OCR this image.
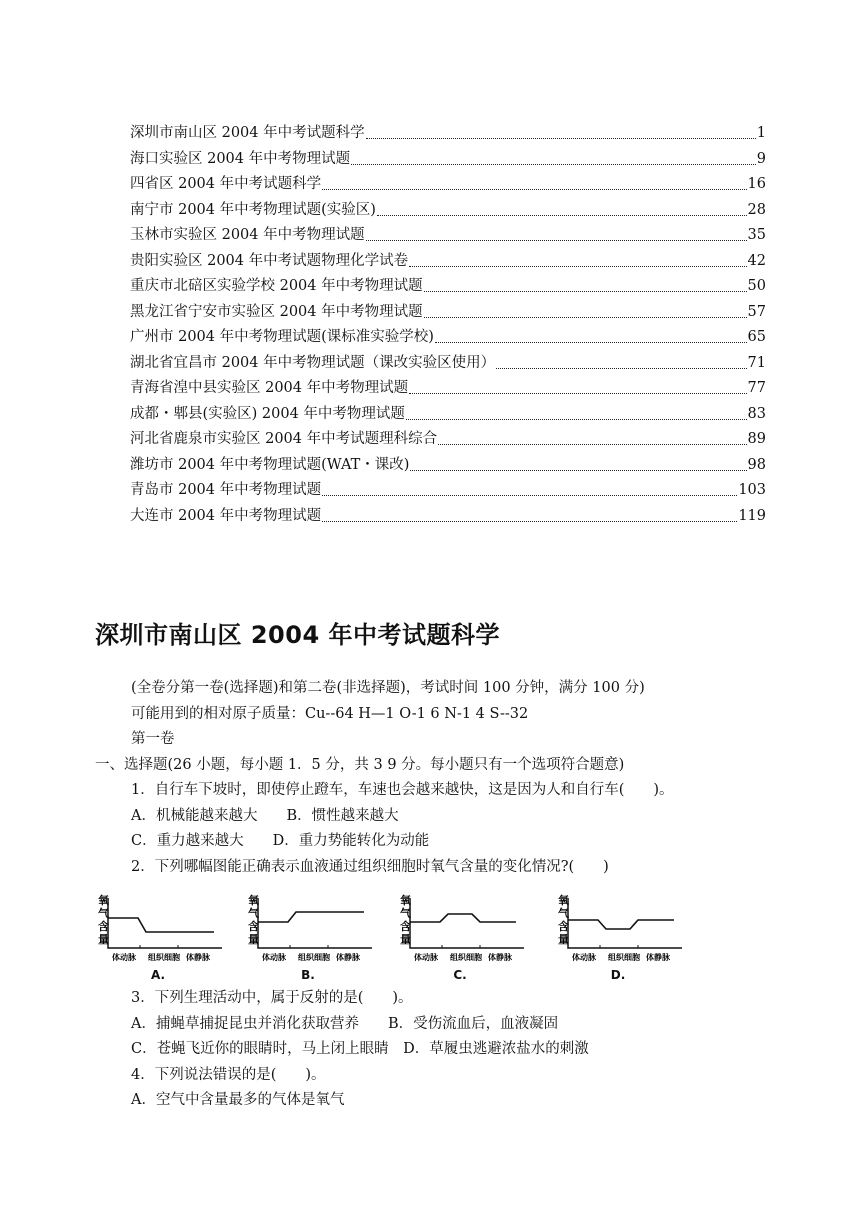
深圳市南山区 2004 年中考试题科学	1
海口实验区 2004 年中考物理试题	9
四省区 2004 年中考试题科学	16
南宁市 2004 年中考物理试题(实验区)	28
玉林市实验区 2004 年中考物理试题	35
贵阳实验区 2004 年中考试题物理化学试卷	42
重庆市北碚区实验学校 2004 年中考物理试题	50
黑龙江省宁安市实验区 2004 年中考物理试题	57
广州市 2004 年中考物理试题(课标准实验学校)	65
湖北省宜昌市 2004 年中考物理试题（课改实验区使用）	71
青海省湟中县实验区 2004 年中考物理试题	77
成都・郫县(实验区) 2004 年中考物理试题	83
河北省鹿泉市实验区 2004 年中考试题理科综合	89
潍坊市 2004 年中考物理试题(WAT・课改)	98
青岛市 2004 年中考物理试题	103
大连市 2004 年中考物理试题	119
深圳市南山区 2004 年中考试题科学
(全卷分第一卷(选择题)和第二卷(非选择题)，考试时间 100 分钟，满分 100 分)
可能用到的相对原子质量：Cu--64 H—1 O-1 6 N-1 4 S--32
第一卷
一、选择题(26 小题，每小题 1．5 分，共 3 9 分。每小题只有一个选项符合题意)
1．自行车下坡时，即使停止蹬车，车速也会越来越快，这是因为人和自行车(　　)。
A．机械能越来越大　　B．惯性越来越大
C．重力越来越大　　D．重力势能转化为动能
2．下列哪幅图能正确表示血液通过组织细胞时氧气含量的变化情况?(　　)
氧
气
含
量
体动脉 组织细胞 体静脉
A.
氧
气
含
量
体动脉 组织细胞 体静脉
B.
氧
气
含
量
体动脉 组织细胞 体静脉
C.
氧
气
含
量
体动脉 组织细胞 体静脉
D.
3．下列生理活动中，属于反射的是(　　)。
A．捕蝇草捕捉昆虫并消化获取营养　　B．受伤流血后，血液凝固
C．苍蝇飞近你的眼睛时，马上闭上眼睛　D．草履虫逃避浓盐水的刺激
4．下列说法错误的是(　　)。
A．空气中含量最多的气体是氧气
